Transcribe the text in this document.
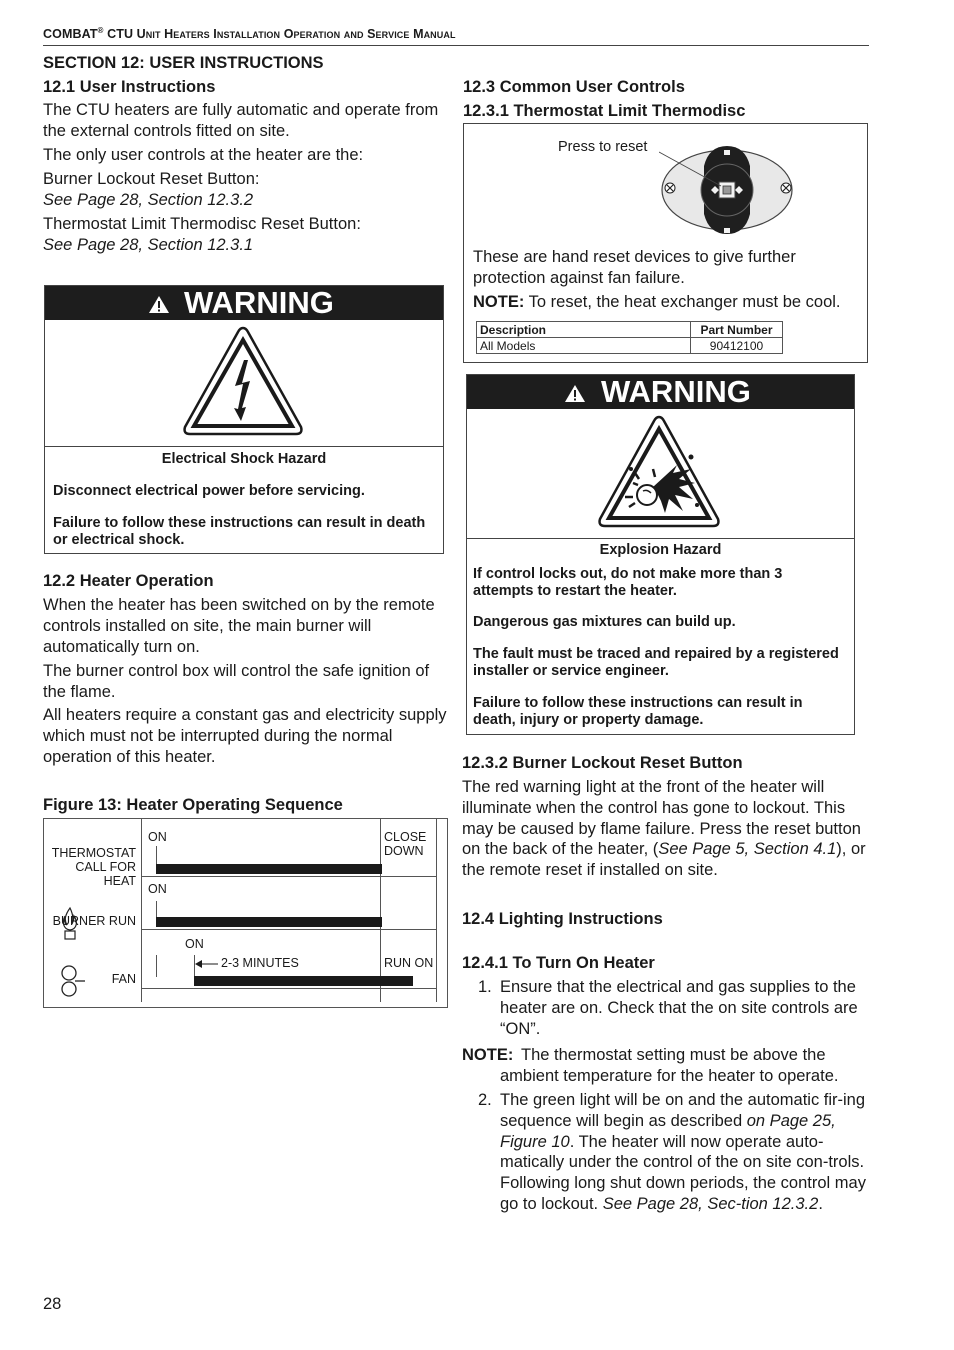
COMBAT® CTU Unit Heaters Installation Operation and Service Manual
SECTION 12: USER INSTRUCTIONS
12.1 User Instructions
The CTU heaters are fully automatic and operate from the external controls fitted on site.
The only user controls at the heater are the:
Burner Lockout Reset Button:
See Page 28, Section 12.3.2
Thermostat Limit Thermodisc Reset Button:
See Page 28, Section 12.3.1
WARNING
Electrical Shock Hazard
Disconnect electrical power before servicing.
Failure to follow these instructions can result in death or electrical shock.
12.2 Heater Operation
When the heater has been switched on by the remote controls installed on site, the main burner will automatically turn on.
The burner control box will control the safe ignition of the flame.
All heaters require a constant gas and electricity supply which must not be interrupted during the normal operation of this heater.
Figure 13: Heater Operating Sequence
ON	CLOSE DOWN
THERMOSTAT CALL FOR HEAT
ON
BURNER RUN
ON
2-3 MINUTES	RUN ON
FAN
12.3 Common User Controls
12.3.1 Thermostat Limit Thermodisc
Press to reset
These are hand reset devices to give further protection against fan failure.
NOTE: To reset, the heat exchanger must be cool.
Description	Part Number
All Models	90412100
WARNING
Explosion Hazard
If control locks out, do not make more than 3 attempts to restart the heater.
Dangerous gas mixtures can build up.
The fault must be traced and repaired by a registered installer or service engineer.
Failure to follow these instructions can result in death, injury or property damage.
12.3.2 Burner Lockout Reset Button
The red warning light at the front of the heater will illuminate when the control has gone to lockout. This may be caused by flame failure. Press the reset button on the back of the heater, (See Page 5, Section 4.1), or the remote reset if installed on site.
12.4 Lighting Instructions
12.4.1 To Turn On Heater
1. Ensure that the electrical and gas supplies to the heater are on. Check that the on site controls are “ON”.
NOTE: The thermostat setting must be above the ambient temperature for the heater to operate.
2. The green light will be on and the automatic fir-ing sequence will begin as described on Page 25, Figure 10. The heater will now operate auto-matically under the control of the on site con-trols. Following long shut down periods, the control may go to lockout. See Page 28, Sec-tion 12.3.2.
28
